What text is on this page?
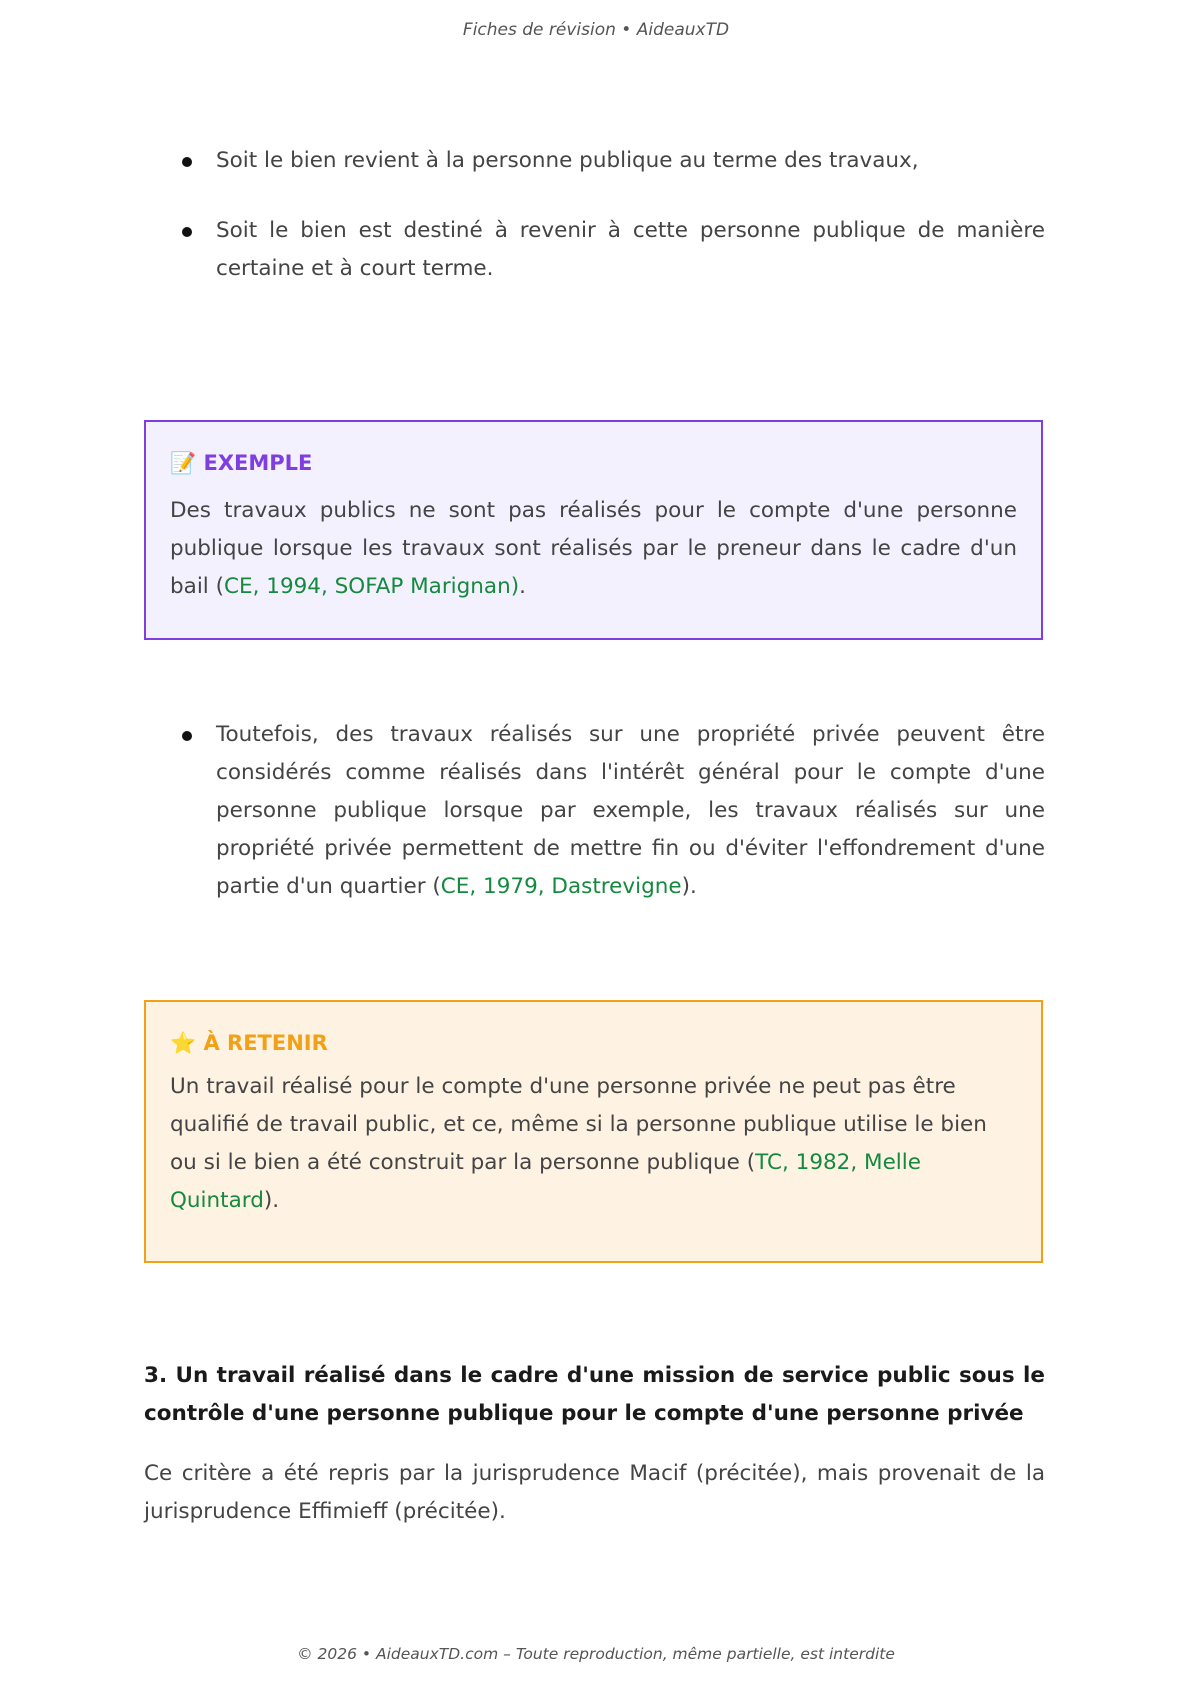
Fiches de révision • AideauxTD
Soit le bien revient à la personne publique au terme des travaux,
Soit le bien est destiné à revenir à cette personne publique de manière certaine et à court terme.
📝 EXEMPLE
Des travaux publics ne sont pas réalisés pour le compte d'une personne publique lorsque les travaux sont réalisés par le preneur dans le cadre d'un bail (CE, 1994, SOFAP Marignan).
Toutefois, des travaux réalisés sur une propriété privée peuvent être considérés comme réalisés dans l'intérêt général pour le compte d'une personne publique lorsque par exemple, les travaux réalisés sur une propriété privée permettent de mettre fin ou d'éviter l'effondrement d'une partie d'un quartier (CE, 1979, Dastrevigne).
⭐ À RETENIR
Un travail réalisé pour le compte d'une personne privée ne peut pas être qualifié de travail public, et ce, même si la personne publique utilise le bien ou si le bien a été construit par la personne publique (TC, 1982, Melle Quintard).
3. Un travail réalisé dans le cadre d'une mission de service public sous le contrôle d'une personne publique pour le compte d'une personne privée
Ce critère a été repris par la jurisprudence Macif (précitée), mais provenait de la jurisprudence Effimieff (précitée).
© 2026 • AideauxTD.com – Toute reproduction, même partielle, est interdite
